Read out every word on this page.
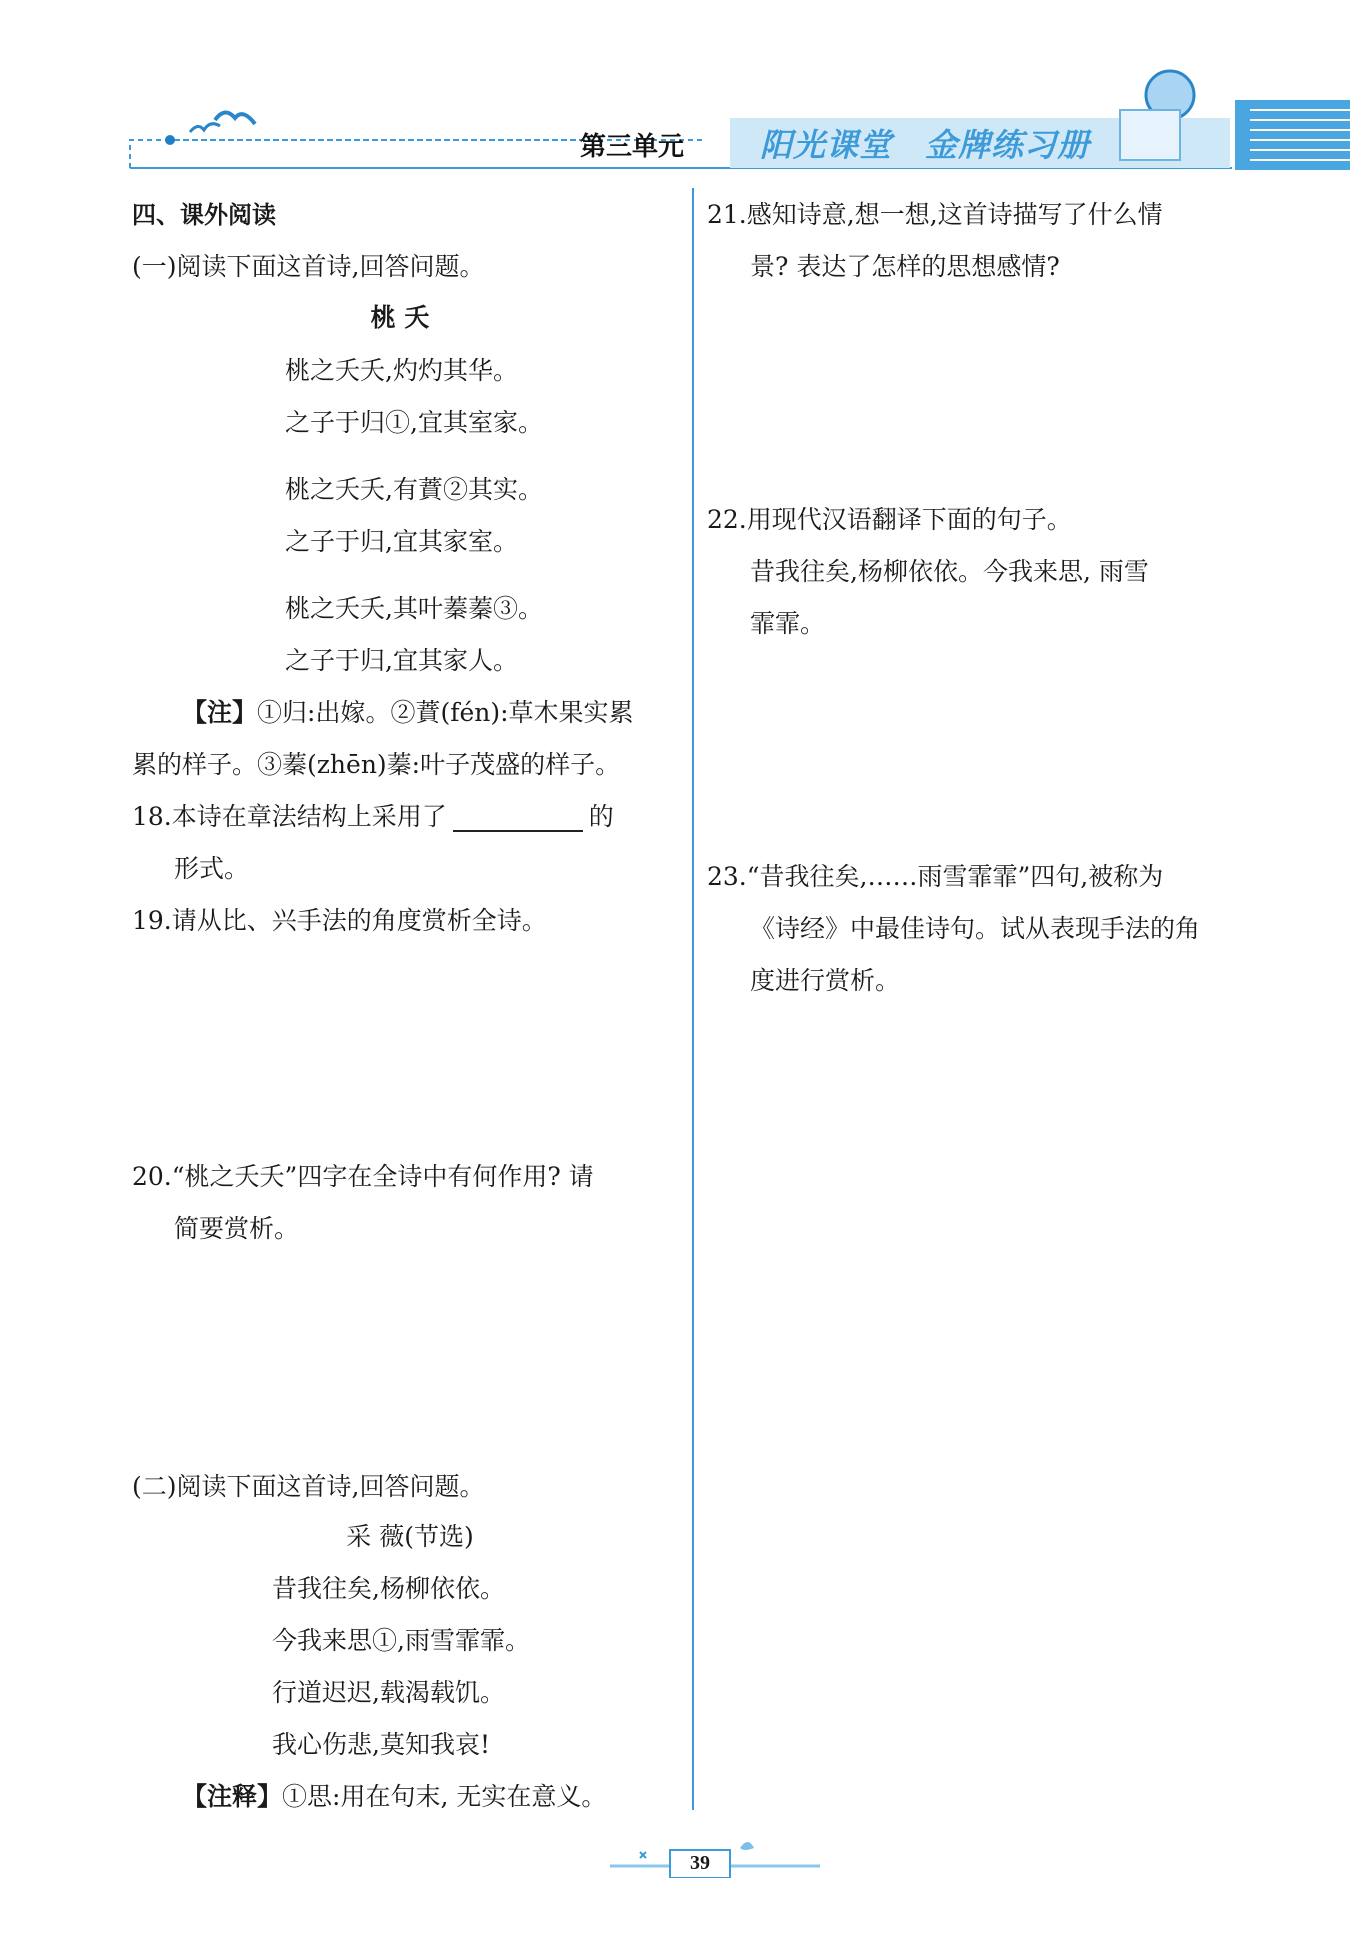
第三单元 阳光课堂 金牌练习册
四、课外阅读
(一)阅读下面这首诗,回答问题。
桃 夭
桃之夭夭,灼灼其华。
之子于归①,宜其室家。
桃之夭夭,有蕡②其实。
之子于归,宜其家室。
桃之夭夭,其叶蓁蓁③。
之子于归,宜其家人。
【注】①归:出嫁。②蕡(fén):草木果实累
累的样子。③蓁(zhēn)蓁:叶子茂盛的样子。
18.本诗在章法结构上采用了	的
形式。
19.请从比、兴手法的角度赏析全诗。
20.“桃之夭夭”四字在全诗中有何作用? 请
简要赏析。
(二)阅读下面这首诗,回答问题。
采 薇(节选)
昔我往矣,杨柳依依。
今我来思①,雨雪霏霏。
行道迟迟,载渴载饥。
我心伤悲,莫知我哀!
【注释】①思:用在句末, 无实在意义。
21.感知诗意,想一想,这首诗描写了什么情
景? 表达了怎样的思想感情?
22.用现代汉语翻译下面的句子。
昔我往矣,杨柳依依。今我来思, 雨雪
霏霏。
23.“昔我往矣,……雨雪霏霏”四句,被称为
《诗经》中最佳诗句。试从表现手法的角
度进行赏析。
39
